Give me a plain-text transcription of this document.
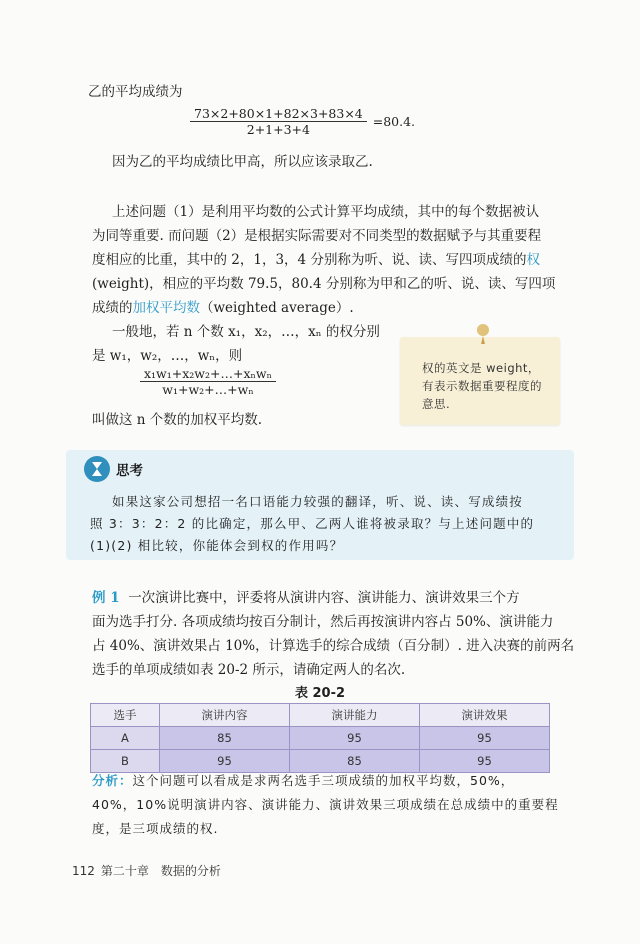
乙的平均成绩为
$\frac{73\times 2+80\times 1+82\times 3+83\times 4}{2+1+3+4} =80.4$.
因为乙的平均成绩比甲高，所以应该录取乙.
上述问题（1）是利用平均数的公式计算平均成绩，其中的每个数据被认
为同等重要. 而问题（2）是根据实际需要对不同类型的数据赋予与其重要程
度相应的比重，其中的 2，1，3，4 分别称为听、说、读、写四项成绩的权
(weight)，相应的平均数 79.5，80.4 分别称为甲和乙的听、说、读、写四项
成绩的加权平均数（weighted average）.
一般地，若 n 个数 x₁，x₂，…，xₙ 的权分别
是 w₁，w₂，…，wₙ，则
$\frac{\text{x₁w₁+x₂w₂+…+xₙwₙ}}{\text{w₁+w₂+…+wₙ}}$
叫做这 n 个数的加权平均数.
权的英文是 weight，有表示数据重要程度的意思.
思考
如果这家公司想招一名口语能力较强的翻译，听、说、读、写成绩按
照 3：3：2：2 的比确定，那么甲、乙两人谁将被录取？与上述问题中的
(1)(2) 相比较，你能体会到权的作用吗？
例 1 一次演讲比赛中，评委将从演讲内容、演讲能力、演讲效果三个方
面为选手打分. 各项成绩均按百分制计，然后再按演讲内容占 50%、演讲能力
占 40%、演讲效果占 10%，计算选手的综合成绩（百分制）. 进入决赛的前两名
选手的单项成绩如表 20-2 所示，请确定两人的名次.
表 20-2
选手	演讲内容	演讲能力	演讲效果
A	85	95	95
B	95	85	95
分析：这个问题可以看成是求两名选手三项成绩的加权平均数，50%，
40%，10%说明演讲内容、演讲能力、演讲效果三项成绩在总成绩中的重要程
度，是三项成绩的权.
112 第二十章　数据的分析
